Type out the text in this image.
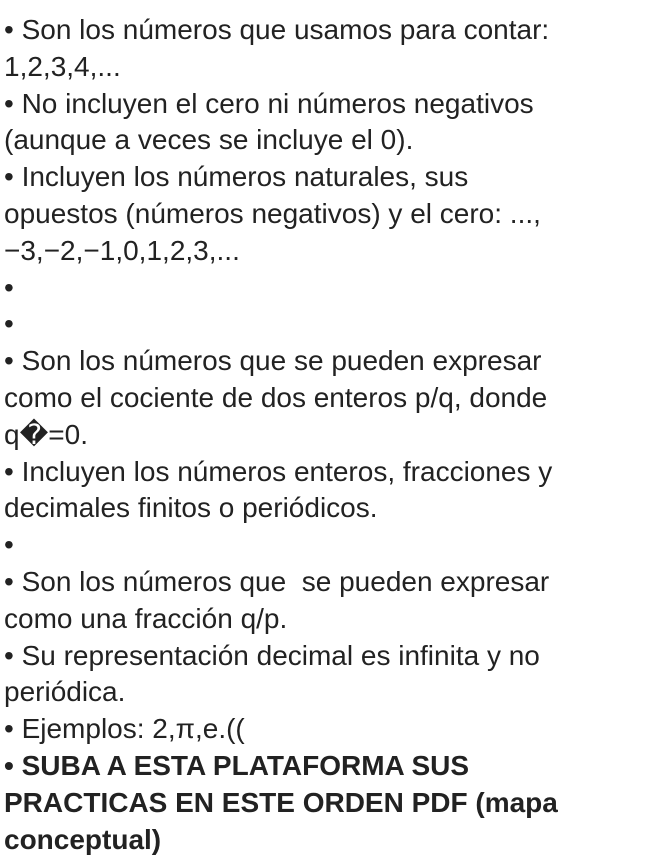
• Son los números que usamos para contar:
1,2,3,4,...
• No incluyen el cero ni números negativos
(aunque a veces se incluye el 0).
• Incluyen los números naturales, sus
opuestos (números negativos) y el cero: ...,
−3,−2,−1,0,1,2,3,...
•
•
• Son los números que se pueden expresar
como el cociente de dos enteros p/q, donde
q�=0.
• Incluyen los números enteros, fracciones y
decimales finitos o periódicos.
•
• Son los números que  se pueden expresar
como una fracción q/p.
• Su representación decimal es infinita y no
periódica.
• Ejemplos: 2,π,e.((
• SUBA A ESTA PLATAFORMA SUS
PRACTICAS EN ESTE ORDEN PDF (mapa
conceptual)
